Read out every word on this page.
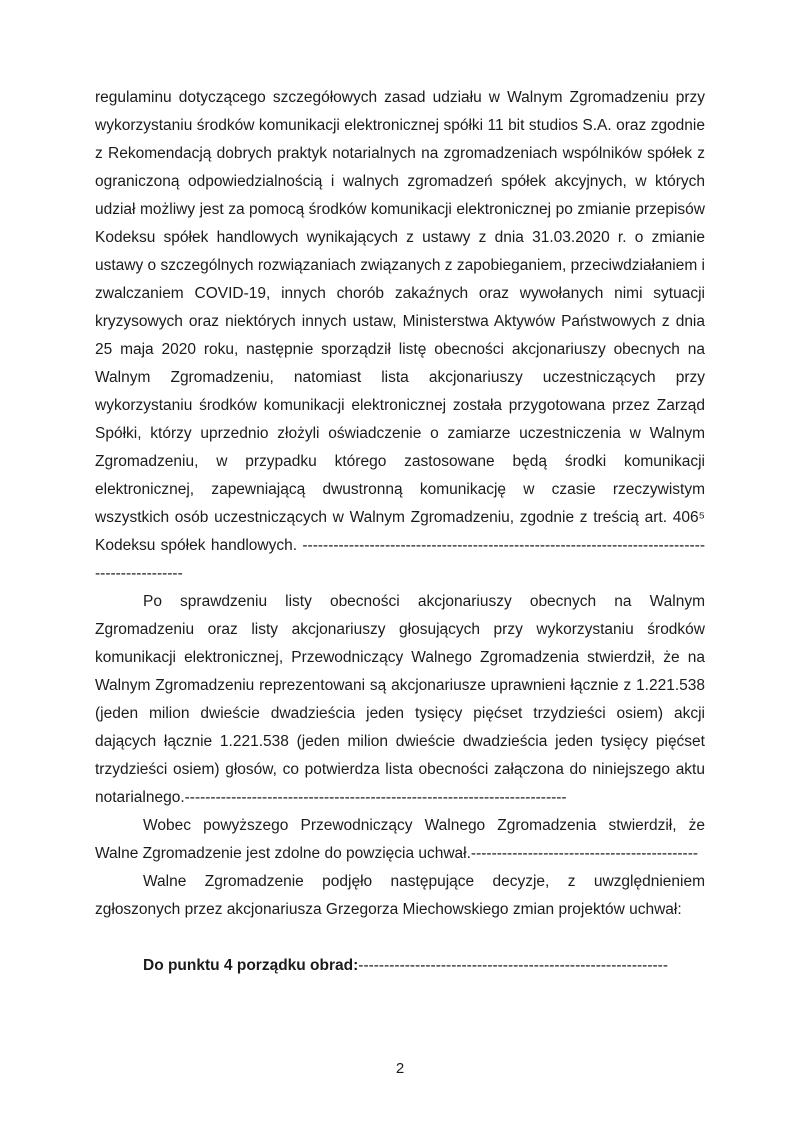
regulaminu dotyczącego szczegółowych zasad udziału w Walnym Zgromadzeniu przy wykorzystaniu środków komunikacji elektronicznej spółki 11 bit studios S.A. oraz zgodnie z Rekomendacją dobrych praktyk notarialnych na zgromadzeniach wspólników spółek z ograniczoną odpowiedzialnością i walnych zgromadzeń spółek akcyjnych, w których udział możliwy jest za pomocą środków komunikacji elektronicznej po zmianie przepisów Kodeksu spółek handlowych wynikających z ustawy z dnia 31.03.2020 r. o zmianie ustawy o szczególnych rozwiązaniach związanych z zapobieganiem, przeciwdziałaniem i zwalczaniem COVID-19, innych chorób zakaźnych oraz wywołanych nimi sytuacji kryzysowych oraz niektórych innych ustaw, Ministerstwa Aktywów Państwowych z dnia 25 maja 2020 roku, następnie sporządził listę obecności akcjonariuszy obecnych na Walnym Zgromadzeniu, natomiast lista akcjonariuszy uczestniczących przy wykorzystaniu środków komunikacji elektronicznej została przygotowana przez Zarząd Spółki, którzy uprzednio złożyli oświadczenie o zamiarze uczestniczenia w Walnym Zgromadzeniu, w przypadku którego zastosowane będą środki komunikacji elektronicznej, zapewniającą dwustronną komunikację w czasie rzeczywistym wszystkich osób uczestniczących w Walnym Zgromadzeniu, zgodnie z treścią art. 406⁵ Kodeksu spółek handlowych. -----------------------------------------------------------------------------------------------

Po sprawdzeniu listy obecności akcjonariuszy obecnych na Walnym Zgromadzeniu oraz listy akcjonariuszy głosujących przy wykorzystaniu środków komunikacji elektronicznej, Przewodniczący Walnego Zgromadzenia stwierdził, że na Walnym Zgromadzeniu reprezentowani są akcjonariusze uprawnieni łącznie z 1.221.538 (jeden milion dwieście dwadzieścia jeden tysięcy pięćset trzydzieści osiem) akcji dających łącznie 1.221.538 (jeden milion dwieście dwadzieścia jeden tysięcy pięćset trzydzieści osiem) głosów, co potwierdza lista obecności załączona do niniejszego aktu notarialnego.--------------------------------------------------------------------------

Wobec powyższego Przewodniczący Walnego Zgromadzenia stwierdził, że Walne Zgromadzenie jest zdolne do powzięcia uchwał.--------------------------------------------

Walne Zgromadzenie podjęło następujące decyzje, z uwzględnieniem zgłoszonych przez akcjonariusza Grzegorza Miechowskiego zmian projektów uchwał:

Do punktu 4 porządku obrad:------------------------------------------------------------

2
